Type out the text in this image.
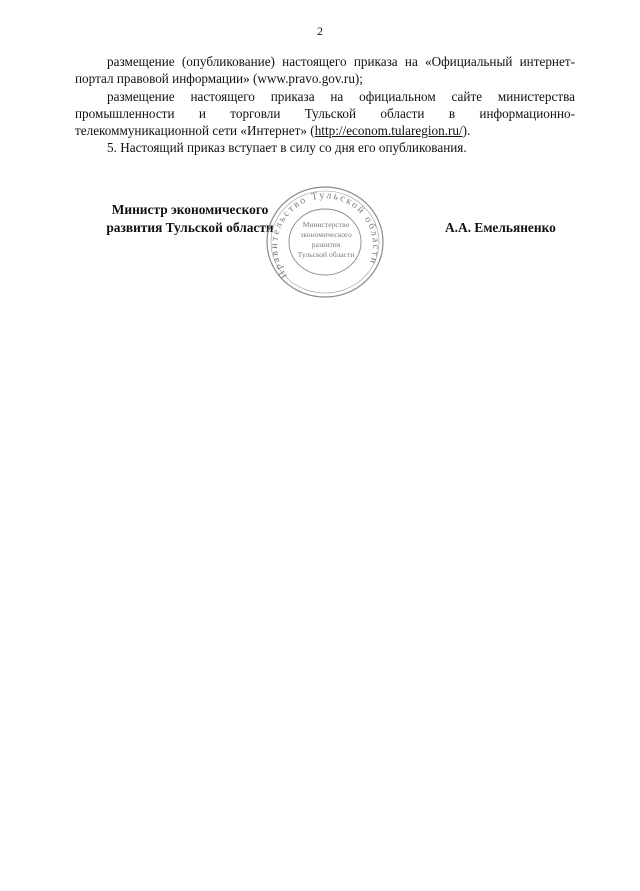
2

размещение (опубликование) настоящего приказа на «Официальный интернет-портал правовой информации» (www.pravo.gov.ru);

размещение настоящего приказа на официальном сайте министерства промышленности и торговли Тульской области в информационно-телекоммуникационной сети «Интернет» (http://econom.tularegion.ru/).

5. Настоящий приказ вступает в силу со дня его опубликования.

Министр экономического
развития Тульской области	А.А. Емельяненко
Правительство Тульской области
Министерство
экономического
развития
Тульской области
